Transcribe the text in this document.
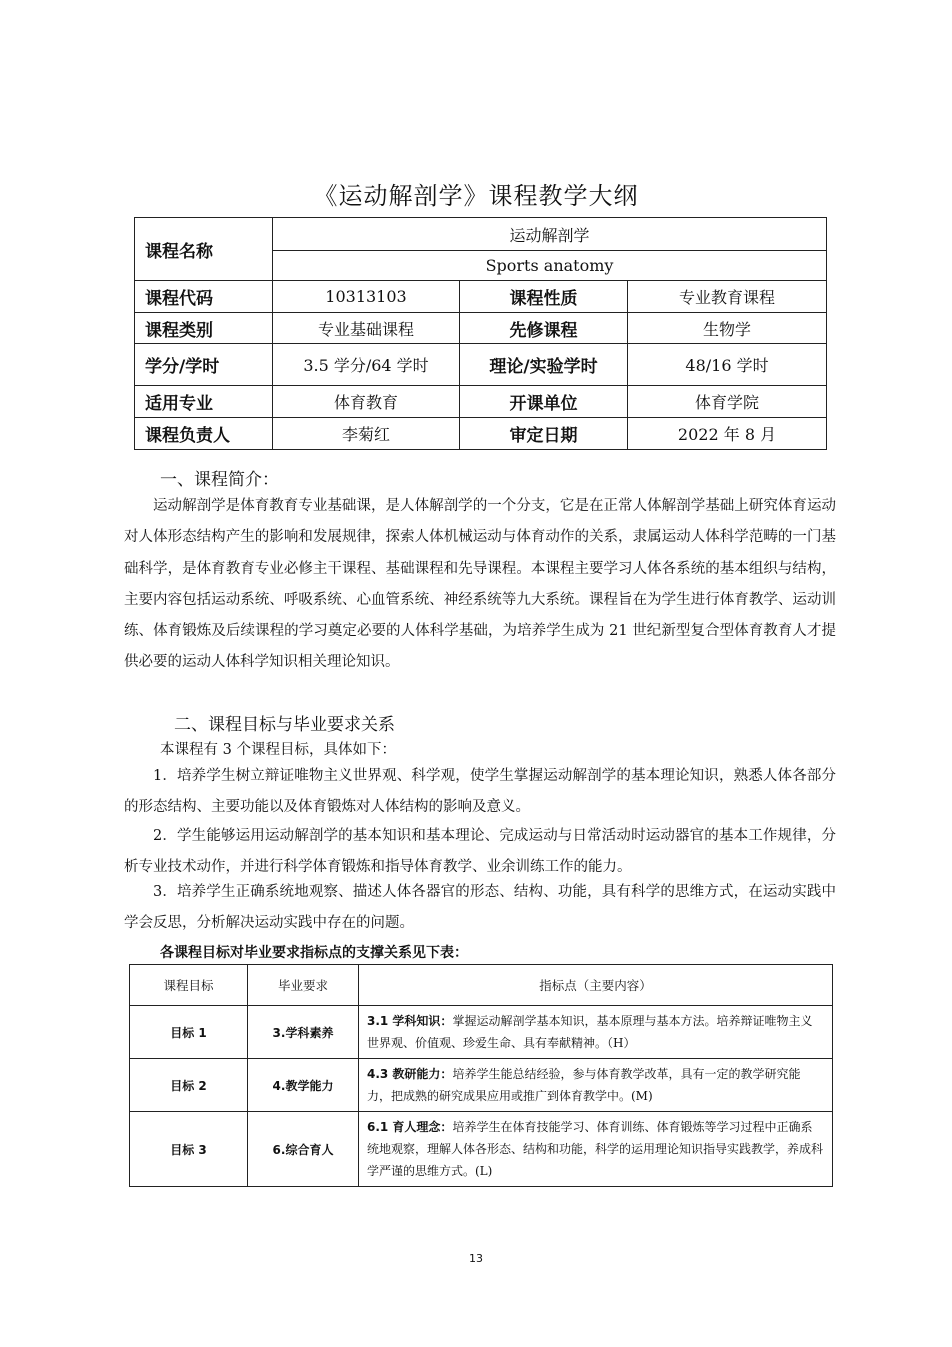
《运动解剖学》课程教学大纲
课程名称	运动解剖学		
	Sports anatomy		
课程代码	10313103	课程性质	专业教育课程
课程类别	专业基础课程	先修课程	生物学
学分/学时	3.5 学分/64 学时	理论/实验学时	48/16 学时
适用专业	体育教育	开课单位	体育学院
课程负责人	李菊红	审定日期	2022 年 8 月
一、课程简介：

运动解剖学是体育教育专业基础课，是人体解剖学的一个分支，它是在正常人体解剖学基础上研究体育运动对人体形态结构产生的影响和发展规律，探索人体机械运动与体育动作的关系，隶属运动人体科学范畴的一门基础科学，是体育教育专业必修主干课程、基础课程和先导课程。本课程主要学习人体各系统的基本组织与结构，主要内容包括运动系统、呼吸系统、心血管系统、神经系统等九大系统。课程旨在为学生进行体育教学、运动训练、体育锻炼及后续课程的学习奠定必要的人体科学基础，为培养学生成为 21 世纪新型复合型体育教育人才提供必要的运动人体科学知识相关理论知识。

二、课程目标与毕业要求关系
本课程有 3 个课程目标，具体如下：

1．培养学生树立辩证唯物主义世界观、科学观，使学生掌握运动解剖学的基本理论知识，熟悉人体各部分的形态结构、主要功能以及体育锻炼对人体结构的影响及意义。

2．学生能够运用运动解剖学的基本知识和基本理论、完成运动与日常活动时运动器官的基本工作规律，分析专业技术动作，并进行科学体育锻炼和指导体育教学、业余训练工作的能力。

3．培养学生正确系统地观察、描述人体各器官的形态、结构、功能，具有科学的思维方式，在运动实践中学会反思，分析解决运动实践中存在的问题。

各课程目标对毕业要求指标点的支撑关系见下表：
课程目标	毕业要求	指标点（主要内容）
目标 1	3.学科素养	3.1 学科知识：掌握运动解剖学基本知识，基本原理与基本方法。培养辩证唯物主义世界观、价值观、珍爱生命、具有奉献精神。（H）
目标 2	4.教学能力	4.3 教研能力：培养学生能总结经验，参与体育教学改革，具有一定的教学研究能力，把成熟的研究成果应用或推广到体育教学中。(M)
目标 3	6.综合育人	6.1 育人理念：培养学生在体育技能学习、体育训练、体育锻炼等学习过程中正确系统地观察，理解人体各形态、结构和功能，科学的运用理论知识指导实践教学，养成科学严谨的思维方式。(L)
13
